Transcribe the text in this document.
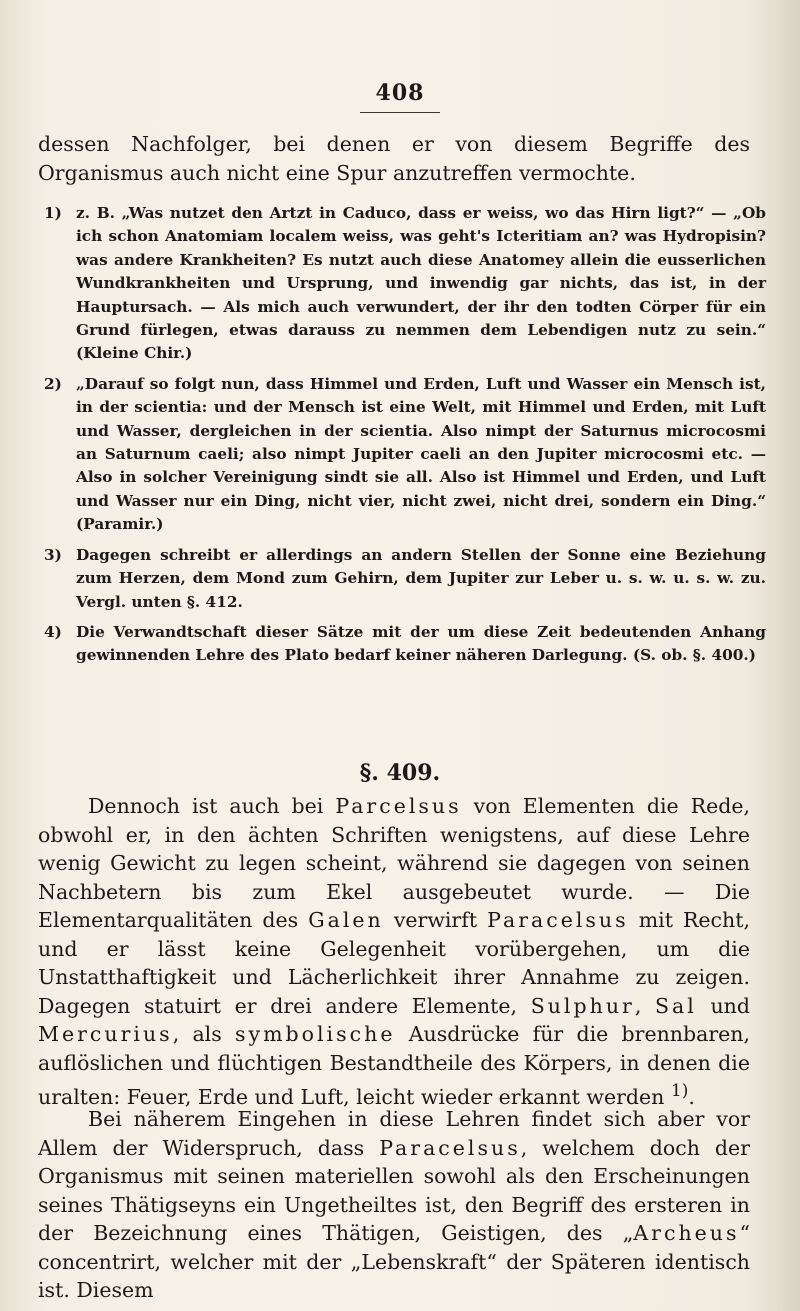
408

dessen Nachfolger, bei denen er von diesem Begriffe des Organismus auch nicht eine Spur anzutreffen vermochte.

1) z. B. „Was nutzet den Artzt in Caduco, dass er weiss, wo das Hirn ligt?“ — „Ob ich schon Anatomiam localem weiss, was geht's Icteritiam an? was Hydropisin? was andere Krankheiten? Es nutzt auch diese Anatomey allein die eusserlichen Wundkrankheiten und Ursprung, und inwendig gar nichts, das ist, in der Hauptursach. — Als mich auch verwundert, der ihr den todten Cörper für ein Grund fürlegen, etwas darauss zu nemmen dem Lebendigen nutz zu sein.“ (Kleine Chir.)
2) „Darauf so folgt nun, dass Himmel und Erden, Luft und Wasser ein Mensch ist, in der scientia: und der Mensch ist eine Welt, mit Himmel und Erden, mit Luft und Wasser, dergleichen in der scientia. Also nimpt der Saturnus microcosmi an Saturnum caeli; also nimpt Jupiter caeli an den Jupiter microcosmi etc. — Also in solcher Vereinigung sindt sie all. Also ist Himmel und Erden, und Luft und Wasser nur ein Ding, nicht vier, nicht zwei, nicht drei, sondern ein Ding.“ (Paramir.)
3) Dagegen schreibt er allerdings an andern Stellen der Sonne eine Beziehung zum Herzen, dem Mond zum Gehirn, dem Jupiter zur Leber u. s. w. u. s. w. zu. Vergl. unten §. 412.
4) Die Verwandtschaft dieser Sätze mit der um diese Zeit bedeutenden Anhang gewinnenden Lehre des Plato bedarf keiner näheren Darlegung. (S. ob. §. 400.)
§. 409.

Dennoch ist auch bei Parcelsus von Elementen die Rede, obwohl er, in den ächten Schriften wenigstens, auf diese Lehre wenig Gewicht zu legen scheint, während sie dagegen von seinen Nachbetern bis zum Ekel ausgebeutet wurde. — Die Elementarqualitäten des Galen verwirft Paracelsus mit Recht, und er lässt keine Gelegenheit vorübergehen, um die Unstatthaftigkeit und Lächerlichkeit ihrer Annahme zu zeigen. Dagegen statuirt er drei andere Elemente, Sulphur, Sal und Mercurius, als symbolische Ausdrücke für die brennbaren, auflöslichen und flüchtigen Bestandtheile des Körpers, in denen die uralten: Feuer, Erde und Luft, leicht wieder erkannt werden $^{1)}$.

Bei näherem Eingehen in diese Lehren findet sich aber vor Allem der Widerspruch, dass Paracelsus, welchem doch der Organismus mit seinen materiellen sowohl als den Erscheinungen seines Thätigseyns ein Ungetheiltes ist, den Begriff des ersteren in der Bezeichnung eines Thätigen, Geistigen, des „Archeus“ concentrirt, welcher mit der „Lebenskraft“ der Späteren identisch ist. Diesem
